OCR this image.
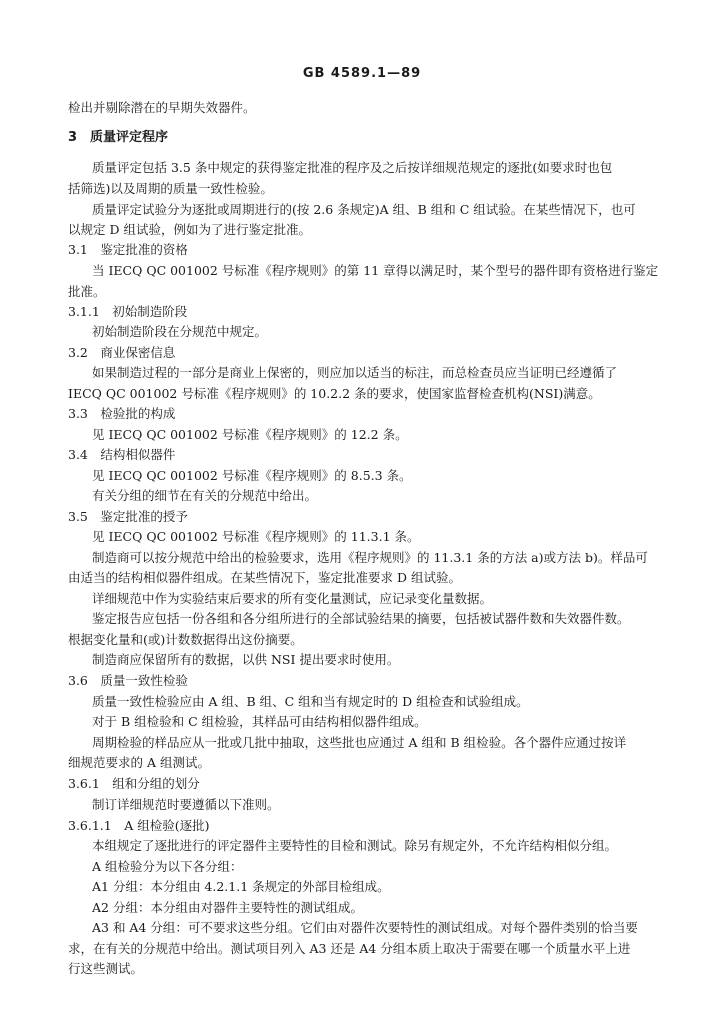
GB 4589.1—89
检出并剔除潜在的早期失效器件。
3　质量评定程序
质量评定包括 3.5 条中规定的获得鉴定批准的程序及之后按详细规范规定的逐批(如要求时也包
括筛选)以及周期的质量一致性检验。
质量评定试验分为逐批或周期进行的(按 2.6 条规定)A 组、B 组和 C 组试验。在某些情况下，也可
以规定 D 组试验，例如为了进行鉴定批准。
3.1　鉴定批准的资格
当 IECQ QC 001002 号标准《程序规则》的第 11 章得以满足时，某个型号的器件即有资格进行鉴定
批准。
3.1.1　初始制造阶段
初始制造阶段在分规范中规定。
3.2　商业保密信息
如果制造过程的一部分是商业上保密的，则应加以适当的标注，而总检查员应当证明已经遵循了
IECQ QC 001002 号标准《程序规则》的 10.2.2 条的要求，使国家监督检查机构(NSI)满意。
3.3　检验批的构成
见 IECQ QC 001002 号标准《程序规则》的 12.2 条。
3.4　结构相似器件
见 IECQ QC 001002 号标准《程序规则》的 8.5.3 条。
有关分组的细节在有关的分规范中给出。
3.5　鉴定批准的授予
见 IECQ QC 001002 号标准《程序规则》的 11.3.1 条。
制造商可以按分规范中给出的检验要求，选用《程序规则》的 11.3.1 条的方法 a)或方法 b)。样品可
由适当的结构相似器件组成。在某些情况下，鉴定批准要求 D 组试验。
详细规范中作为实验结束后要求的所有变化量测试，应记录变化量数据。
鉴定报告应包括一份各组和各分组所进行的全部试验结果的摘要，包括被试器件数和失效器件数。
根据变化量和(或)计数数据得出这份摘要。
制造商应保留所有的数据，以供 NSI 提出要求时使用。
3.6　质量一致性检验
质量一致性检验应由 A 组、B 组、C 组和当有规定时的 D 组检查和试验组成。
对于 B 组检验和 C 组检验，其样品可由结构相似器件组成。
周期检验的样品应从一批或几批中抽取，这些批也应通过 A 组和 B 组检验。各个器件应通过按详
细规范要求的 A 组测试。
3.6.1　组和分组的划分
制订详细规范时要遵循以下准则。
3.6.1.1　A 组检验(逐批)
本组规定了逐批进行的评定器件主要特性的目检和测试。除另有规定外，不允许结构相似分组。
A 组检验分为以下各分组：
A1 分组：本分组由 4.2.1.1 条规定的外部目检组成。
A2 分组：本分组由对器件主要特性的测试组成。
A3 和 A4 分组：可不要求这些分组。它们由对器件次要特性的测试组成。对每个器件类别的恰当要
求，在有关的分规范中给出。测试项目列入 A3 还是 A4 分组本质上取决于需要在哪一个质量水平上进
行这些测试。
